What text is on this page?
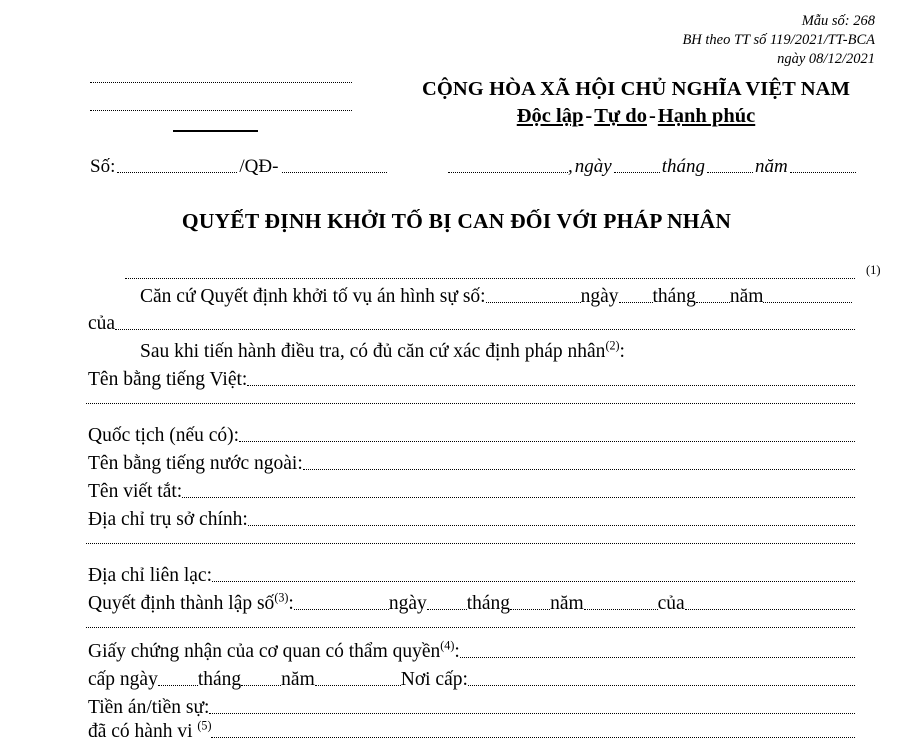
Mẫu số: 268
BH theo TT số 119/2021/TT-BCA
ngày 08/12/2021
CỘNG HÒA XÃ HỘI CHỦ NGHĨA VIỆT NAM
Độc lập-Tự do-Hạnh phúc
Số:	/QĐ-	, ngày	tháng	năm
QUYẾT ĐỊNH KHỞI TỐ BỊ CAN ĐỐI VỚI PHÁP NHÂN
(1)
Căn cứ Quyết định khởi tố vụ án hình sự số:	ngày tháng năm
của
Sau khi tiến hành điều tra, có đủ căn cứ xác định pháp nhân$^{(2)}$:
Tên bằng tiếng Việt:
Quốc tịch (nếu có):
Tên bằng tiếng nước ngoài:
Tên viết tắt:
Địa chỉ trụ sở chính:
Địa chỉ liên lạc:
Quyết định thành lập số$^{(3)}$:	ngày tháng năm	của
Giấy chứng nhận của cơ quan có thẩm quyền$^{(4)}$:
cấp ngày tháng năm	Nơi cấp:
Tiền án/tiền sự:
đã có hành vi $^{(5)}$
